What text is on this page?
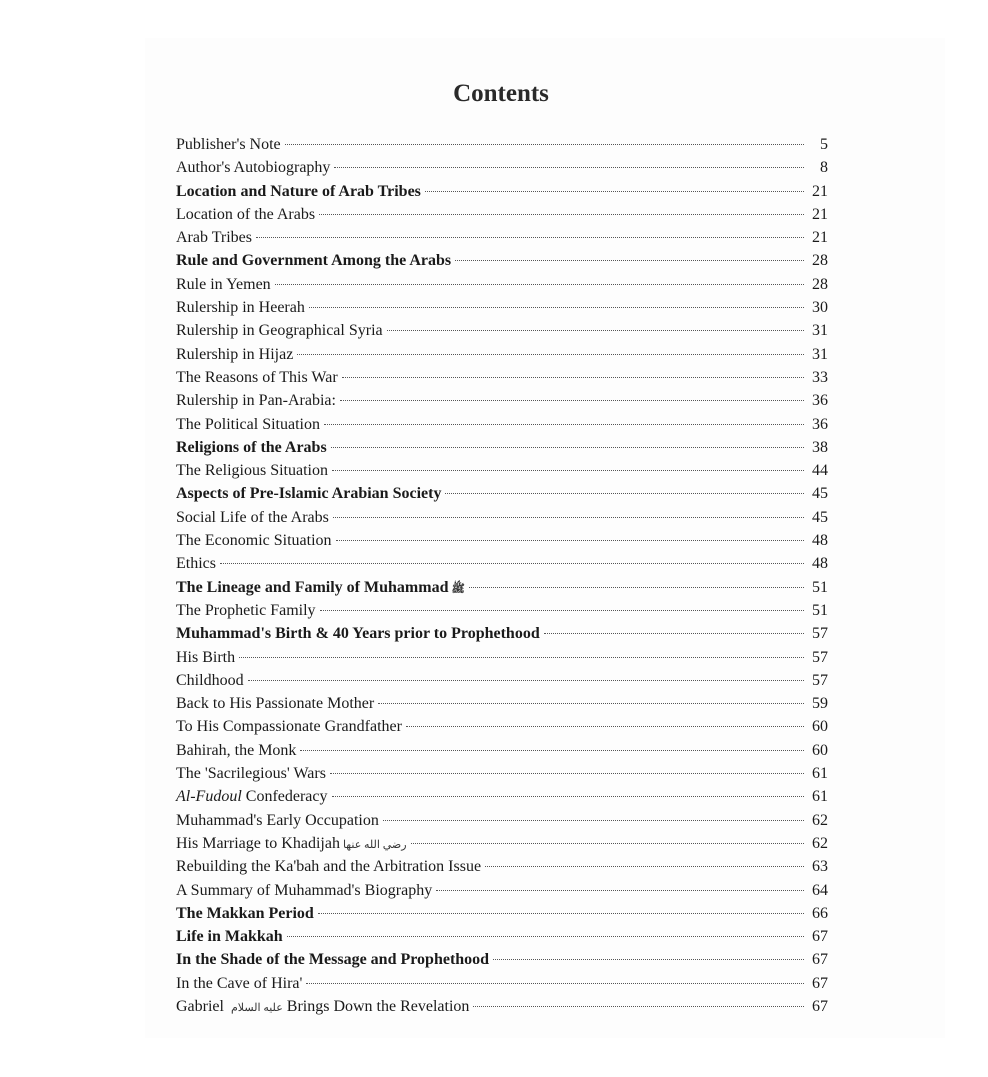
Contents
Publisher's Note	5
Author's Autobiography	8
Location and Nature of Arab Tribes	21
Location of the Arabs	21
Arab Tribes	21
Rule and Government Among the Arabs	28
Rule in Yemen	28
Rulership in Heerah	30
Rulership in Geographical Syria	31
Rulership in Hijaz	31
The Reasons of This War	33
Rulership in Pan-Arabia:	36
The Political Situation	36
Religions of the Arabs	38
The Religious Situation	44
Aspects of Pre-Islamic Arabian Society	45
Social Life of the Arabs	45
The Economic Situation	48
Ethics	48
The Lineage and Family of Muhammad ﷺ	51
The Prophetic Family	51
Muhammad's Birth & 40 Years prior to Prophethood	57
His Birth	57
Childhood	57
Back to His Passionate Mother	59
To His Compassionate Grandfather	60
Bahirah, the Monk	60
The 'Sacrilegious' Wars	61
Al-Fudoul Confederacy	61
Muhammad's Early Occupation	62
His Marriage to Khadijah رضي الله عنها	62
Rebuilding the Ka'bah and the Arbitration Issue	63
A Summary of Muhammad's Biography	64
The Makkan Period	66
Life in Makkah	67
In the Shade of the Message and Prophethood	67
In the Cave of Hira'	67
Gabriel عليه السلام Brings Down the Revelation	67
